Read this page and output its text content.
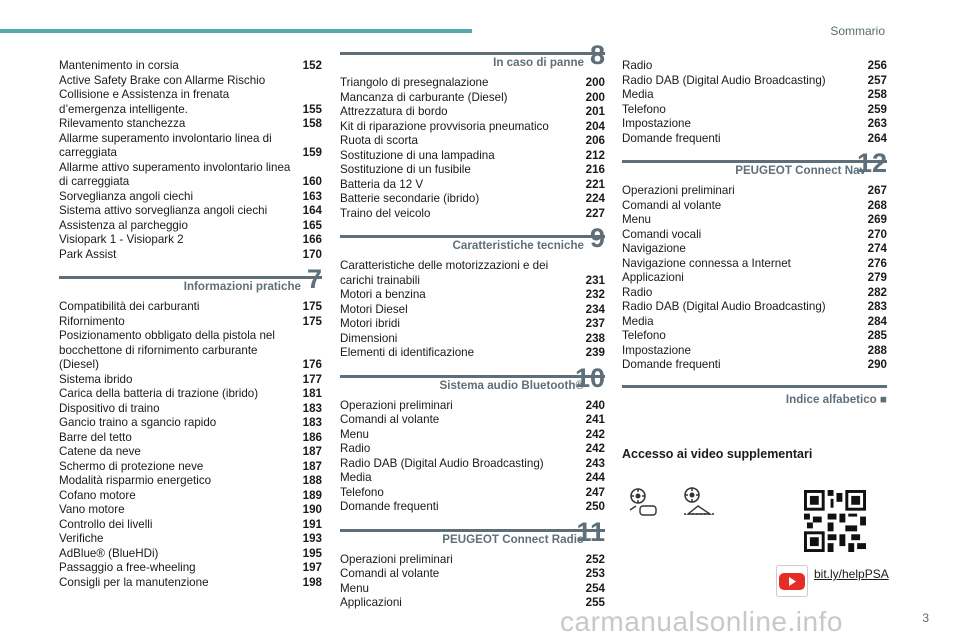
Sommario
Mantenimento in corsia	152
Active Safety Brake con Allarme Rischio Collisione e Assistenza in frenata d’emergenza intelligente.	155
Rilevamento stanchezza	158
Allarme superamento involontario linea di carreggiata	159
Allarme attivo superamento involontario linea di carreggiata	160
Sorveglianza angoli ciechi	163
Sistema attivo sorveglianza angoli ciechi	164
Assistenza al parcheggio	165
Visiopark 1 - Visiopark 2	166
Park Assist	170
Informazioni pratiche 7
Compatibilità dei carburanti	175
Rifornimento	175
Posizionamento obbligato della pistola nel bocchettone di rifornimento carburante (Diesel)	176
Sistema ibrido	177
Carica della batteria di trazione (ibrido)	181
Dispositivo di traino	183
Gancio traino a sgancio rapido	183
Barre del tetto	186
Catene da neve	187
Schermo di protezione neve	187
Modalità risparmio energetico	188
Cofano motore	189
Vano motore	190
Controllo dei livelli	191
Verifiche	193
AdBlue® (BlueHDi)	195
Passaggio a free-wheeling	197
Consigli per la manutenzione	198
In caso di panne 8
Triangolo di presegnalazione	200
Mancanza di carburante (Diesel)	200
Attrezzatura di bordo	201
Kit di riparazione provvisoria pneumatico	204
Ruota di scorta	206
Sostituzione di una lampadina	212
Sostituzione di un fusibile	216
Batteria da 12 V	221
Batterie secondarie (ibrido)	224
Traino del veicolo	227
Caratteristiche tecniche 9
Caratteristiche delle motorizzazioni e dei carichi trainabili	231
Motori a benzina	232
Motori Diesel	234
Motori ibridi	237
Dimensioni	238
Elementi di identificazione	239
Sistema audio Bluetooth®
10
Operazioni preliminari	240
Comandi al volante	241
Menu	242
Radio	242
Radio DAB (Digital Audio Broadcasting)	243
Media	244
Telefono	247
Domande frequenti	250
PEUGEOT Connect Radio
11
Operazioni preliminari	252
Comandi al volante	253
Menu	254
Applicazioni	255
Radio	256
Radio DAB (Digital Audio Broadcasting)	257
Media	258
Telefono	259
Impostazione	263
Domande frequenti	264
PEUGEOT Connect Nav
12
Operazioni preliminari	267
Comandi al volante	268
Menu	269
Comandi vocali	270
Navigazione	274
Navigazione connessa a Internet	276
Applicazioni	279
Radio	282
Radio DAB (Digital Audio Broadcasting)	283
Media	284
Telefono	285
Impostazione	288
Domande frequenti	290
Indice alfabetico ■
Accesso ai video supplementari
bit.ly/helpPSA
carmanualsonline.info	3
